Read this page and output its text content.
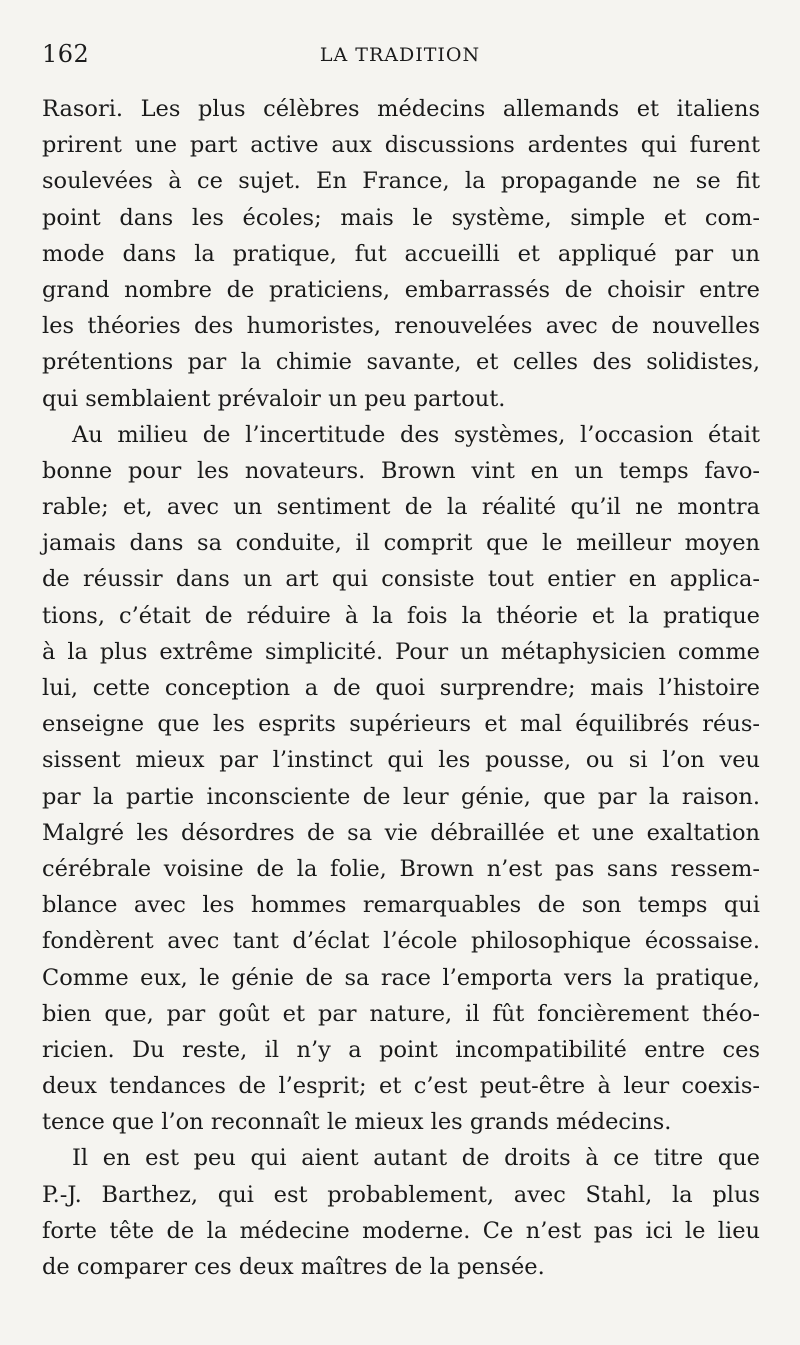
162	LA TRADITION
Rasori. Les plus célèbres médecins allemands et italiens
prirent une part active aux discussions ardentes qui furent
soulevées à ce sujet. En France, la propagande ne se fit
point dans les écoles; mais le système, simple et com-
mode dans la pratique, fut accueilli et appliqué par un
grand nombre de praticiens, embarrassés de choisir entre
les théories des humoristes, renouvelées avec de nouvelles
prétentions par la chimie savante, et celles des solidistes,
qui semblaient prévaloir un peu partout.
Au milieu de l’incertitude des systèmes, l’occasion était
bonne pour les novateurs. Brown vint en un temps favo-
rable; et, avec un sentiment de la réalité qu’il ne montra
jamais dans sa conduite, il comprit que le meilleur moyen
de réussir dans un art qui consiste tout entier en applica-
tions, c’était de réduire à la fois la théorie et la pratique
à la plus extrême simplicité. Pour un métaphysicien comme
lui, cette conception a de quoi surprendre; mais l’histoire
enseigne que les esprits supérieurs et mal équilibrés réus-
sissent mieux par l’instinct qui les pousse, ou si l’on veu
par la partie inconsciente de leur génie, que par la raison.
Malgré les désordres de sa vie débraillée et une exaltation
cérébrale voisine de la folie, Brown n’est pas sans ressem-
blance avec les hommes remarquables de son temps qui
fondèrent avec tant d’éclat l’école philosophique écossaise.
Comme eux, le génie de sa race l’emporta vers la pratique,
bien que, par goût et par nature, il fût foncièrement théo-
ricien. Du reste, il n’y a point incompatibilité entre ces
deux tendances de l’esprit; et c’est peut-être à leur coexis-
tence que l’on reconnaît le mieux les grands médecins.
Il en est peu qui aient autant de droits à ce titre que
P.-J. Barthez, qui est probablement, avec Stahl, la plus
forte tête de la médecine moderne. Ce n’est pas ici le lieu
de comparer ces deux maîtres de la pensée.
